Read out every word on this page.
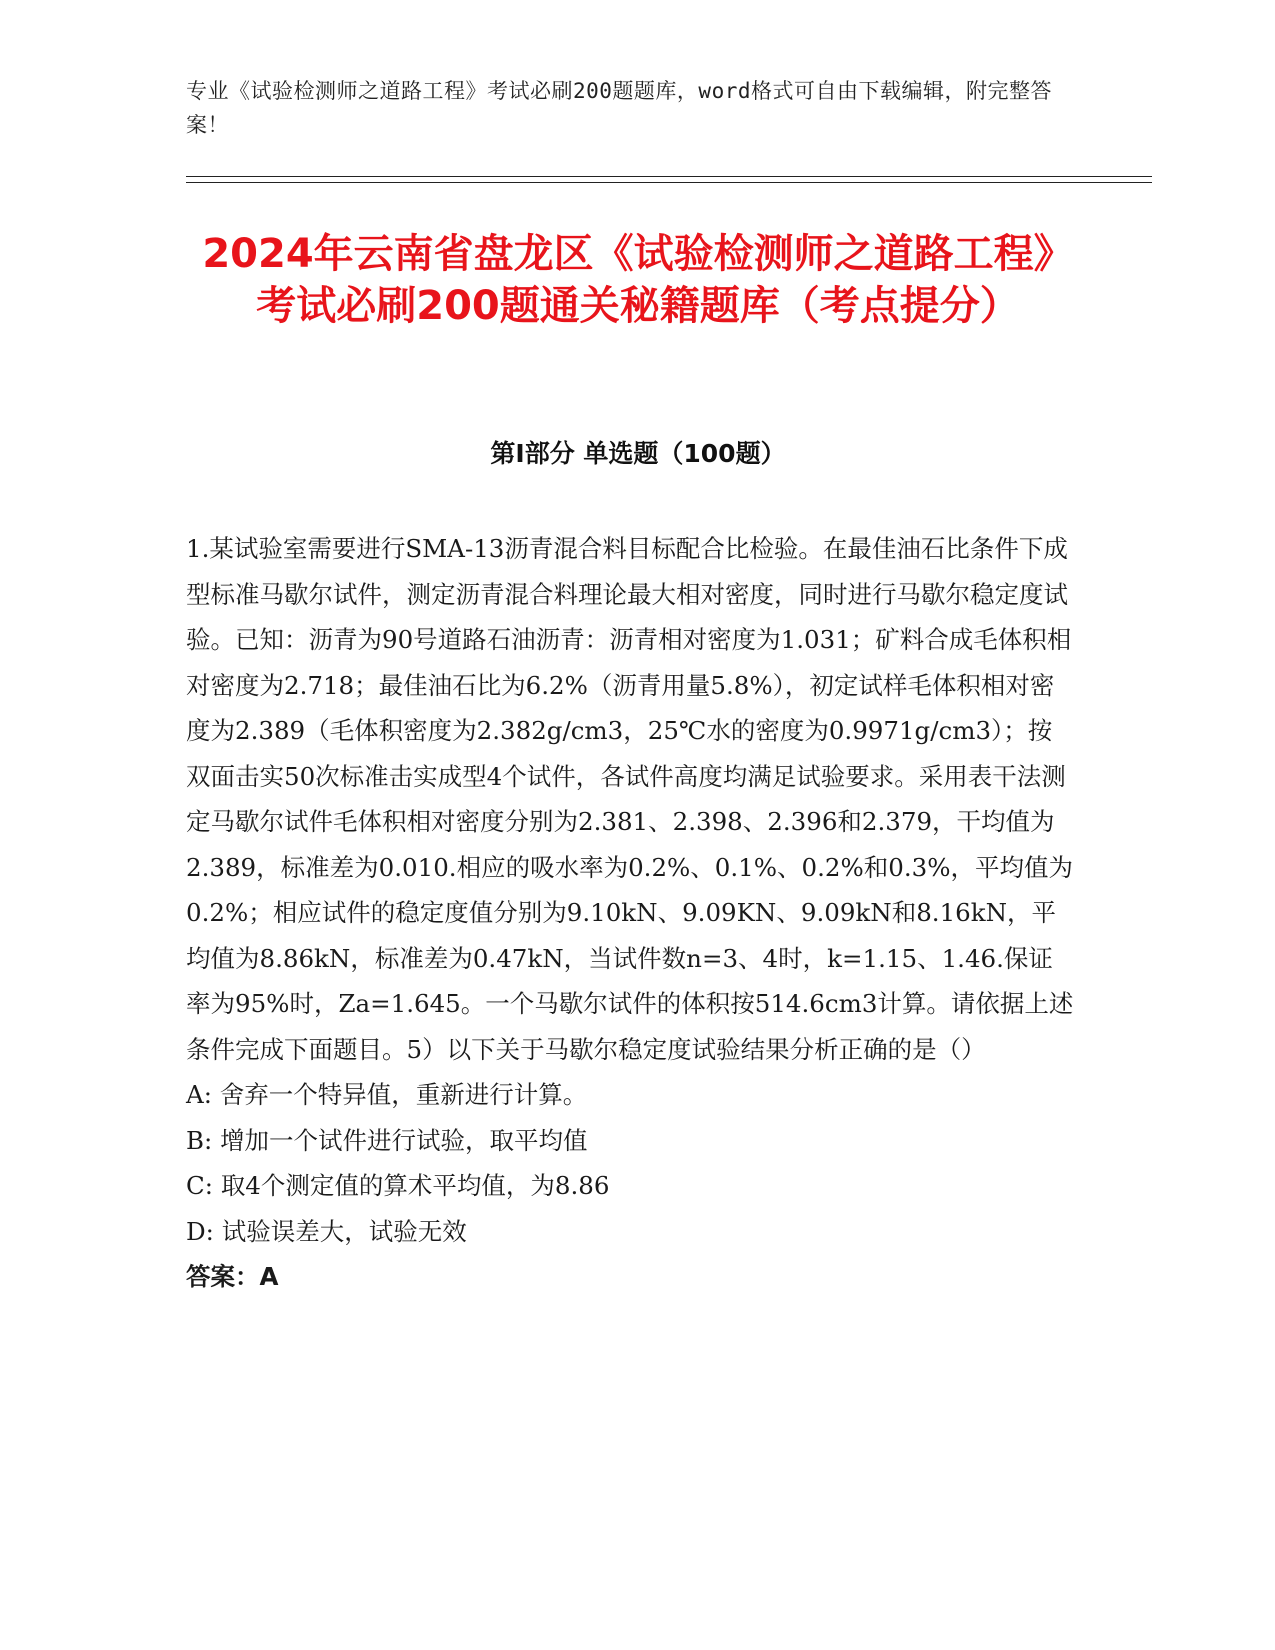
专业《试验检测师之道路工程》考试必刷200题题库，word格式可自由下载编辑，附完整答案！
2024年云南省盘龙区《试验检测师之道路工程》考试必刷200题通关秘籍题库（考点提分）
第Ⅰ部分 单选题（100题）

1.某试验室需要进行SMA-13沥青混合料目标配合比检验。在最佳油石比条件下成型标准马歇尔试件，测定沥青混合料理论最大相对密度，同时进行马歇尔稳定度试验。已知：沥青为90号道路石油沥青：沥青相对密度为1.031；矿料合成毛体积相对密度为2.718；最佳油石比为6.2%（沥青用量5.8%），初定试样毛体积相对密度为2.389（毛体积密度为2.382g/cm3，25℃水的密度为0.9971g/cm3）；按双面击实50次标准击实成型4个试件，各试件高度均满足试验要求。采用表干法测定马歇尔试件毛体积相对密度分别为2.381、2.398、2.396和2.379，干均值为2.389，标准差为0.010.相应的吸水率为0.2%、0.1%、0.2%和0.3%，平均值为0.2%；相应试件的稳定度值分别为9.10kN、9.09KN、9.09kN和8.16kN，平均值为8.86kN，标准差为0.47kN，当试件数n=3、4时，k=1.15、1.46.保证率为95%时，Za=1.645。一个马歇尔试件的体积按514.6cm3计算。请依据上述条件完成下面题目。5）以下关于马歇尔稳定度试验结果分析正确的是（）

A: 舍弃一个特异值，重新进行计算。

B: 增加一个试件进行试验，取平均值

C: 取4个测定值的算术平均值，为8.86

D: 试验误差大，试验无效

答案：A
